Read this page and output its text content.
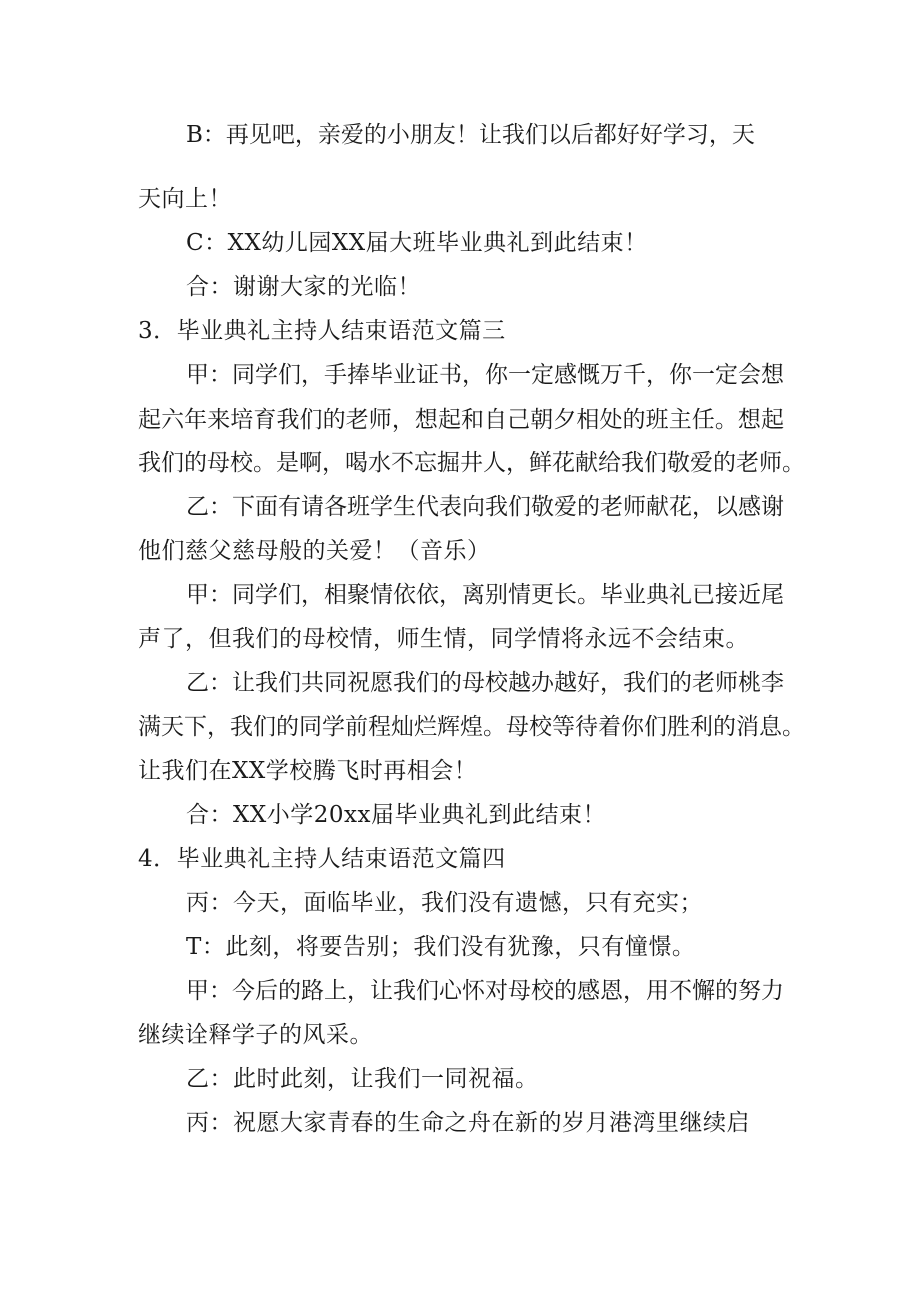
B：再见吧，亲爱的小朋友！让我们以后都好好学习，天
天向上！
C：XX幼儿园XX届大班毕业典礼到此结束！
合：谢谢大家的光临！
3．毕业典礼主持人结束语范文篇三
甲：同学们，手捧毕业证书，你一定感慨万千，你一定会想
起六年来培育我们的老师，想起和自己朝夕相处的班主任。想起
我们的母校。是啊，喝水不忘掘井人，鲜花献给我们敬爱的老师。
乙：下面有请各班学生代表向我们敬爱的老师献花，以感谢
他们慈父慈母般的关爱！（音乐）
甲：同学们，相聚情依依，离别情更长。毕业典礼已接近尾
声了，但我们的母校情，师生情，同学情将永远不会结束。
乙：让我们共同祝愿我们的母校越办越好，我们的老师桃李
满天下，我们的同学前程灿烂辉煌。母校等待着你们胜利的消息。
让我们在XX学校腾飞时再相会！
合：XX小学20xx届毕业典礼到此结束！
4．毕业典礼主持人结束语范文篇四
丙：今天，面临毕业，我们没有遗憾，只有充实；
T：此刻，将要告别；我们没有犹豫，只有憧憬。
甲：今后的路上，让我们心怀对母校的感恩，用不懈的努力
继续诠释学子的风采。
乙：此时此刻，让我们一同祝福。
丙：祝愿大家青春的生命之舟在新的岁月港湾里继续启
